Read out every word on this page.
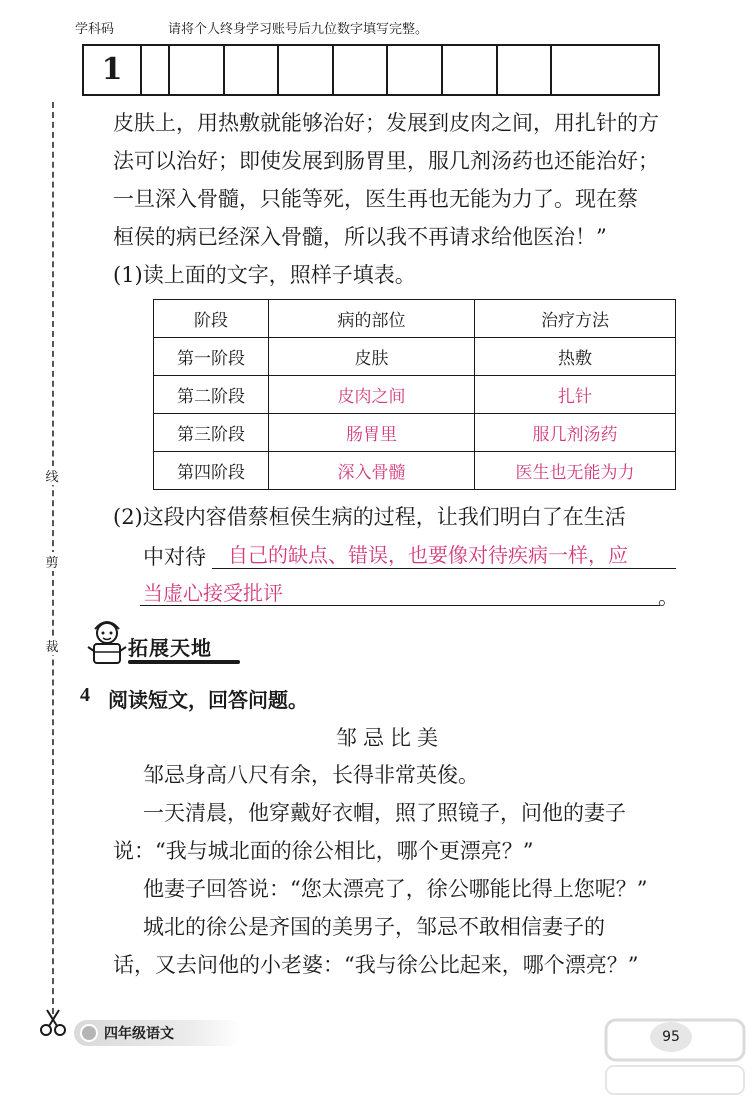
学科码	请将个人终身学习账号后九位数字填写完整。
1
线
剪
裁
皮肤上，用热敷就能够治好；发展到皮肉之间，用扎针的方
法可以治好；即使发展到肠胃里，服几剂汤药也还能治好；
一旦深入骨髓，只能等死，医生再也无能为力了。现在蔡
桓侯的病已经深入骨髓，所以我不再请求给他医治！”
(1)读上面的文字，照样子填表。
阶段	病的部位	治疗方法
第一阶段	皮肤	热敷
第二阶段	皮肉之间	扎针
第三阶段	肠胃里	服几剂汤药
第四阶段	深入骨髓	医生也无能为力
(2)这段内容借蔡桓侯生病的过程，让我们明白了在生活
中对待 自己的缺点、错误，也要像对待疾病一样，应
当虚心接受批评	。
拓展天地
4 阅读短文，回答问题。
邹忌比美
邹忌身高八尺有余，长得非常英俊。
一天清晨，他穿戴好衣帽，照了照镜子，问他的妻子
说：“我与城北面的徐公相比，哪个更漂亮？”
他妻子回答说：“您太漂亮了，徐公哪能比得上您呢？”
城北的徐公是齐国的美男子，邹忌不敢相信妻子的
话，又去问他的小老婆：“我与徐公比起来，哪个漂亮？”
四年级语文	95
